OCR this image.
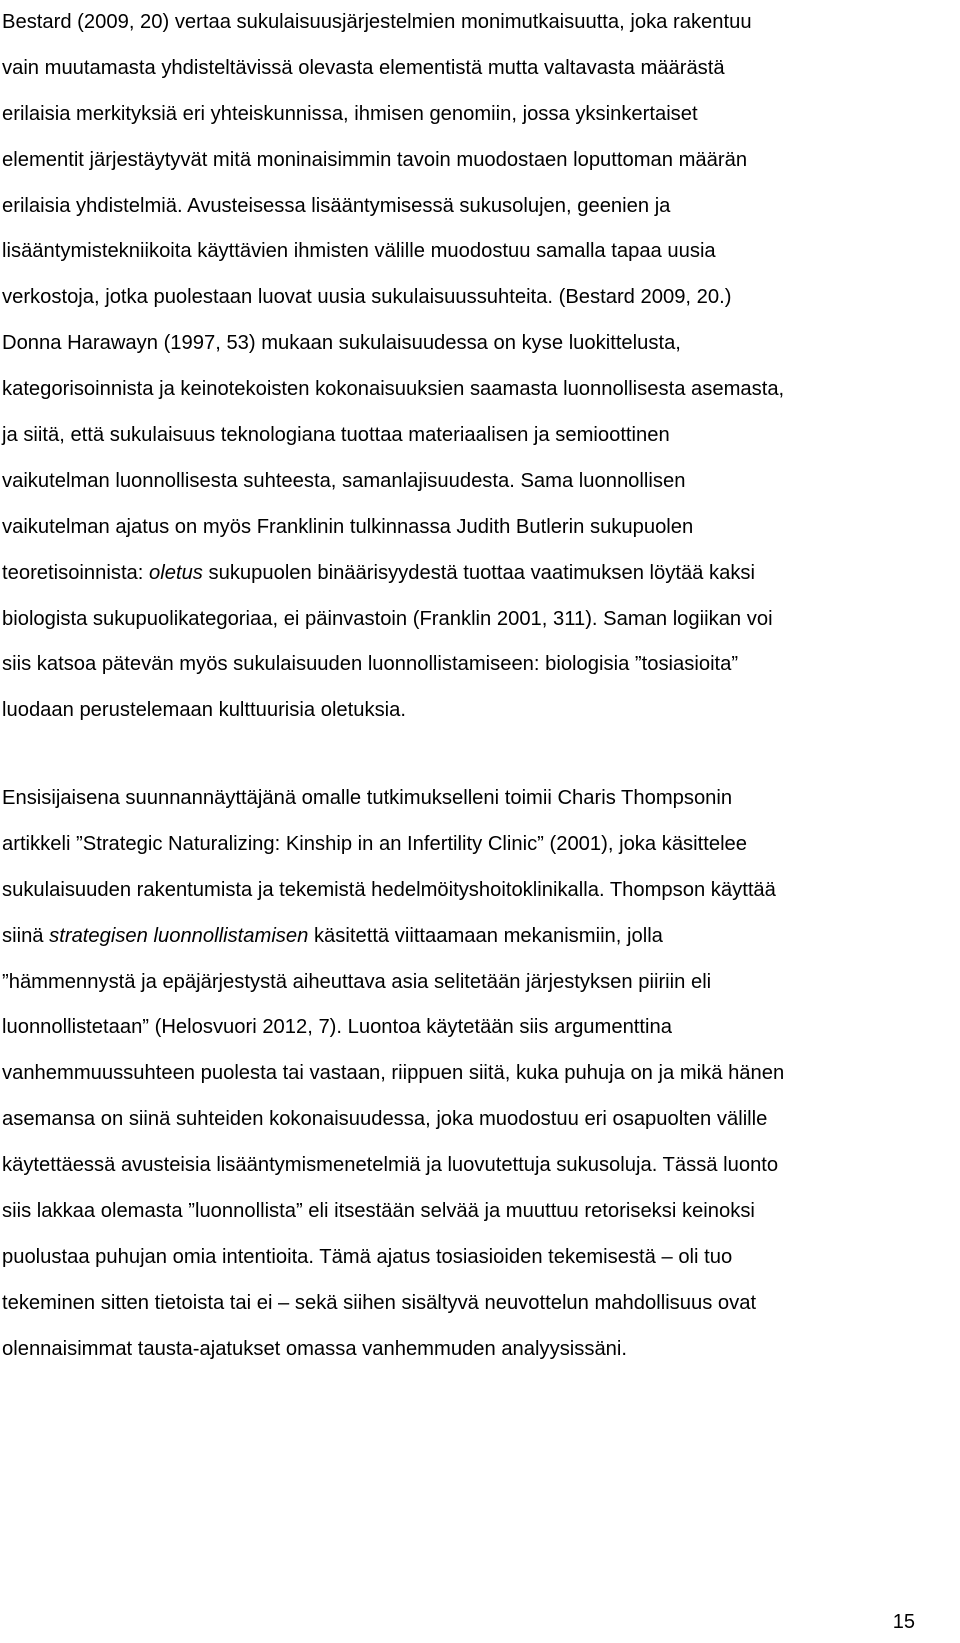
Bestard (2009, 20) vertaa sukulaisuusjärjestelmien monimutkaisuutta, joka rakentuu
vain muutamasta yhdisteltävissä olevasta elementistä mutta valtavasta määrästä
erilaisia merkityksiä eri yhteiskunnissa, ihmisen genomiin, jossa yksinkertaiset
elementit järjestäytyvät mitä moninaisimmin tavoin muodostaen loputtoman määrän
erilaisia yhdistelmiä. Avusteisessa lisääntymisessä sukusolujen, geenien ja
lisääntymistekniikoita käyttävien ihmisten välille muodostuu samalla tapaa uusia
verkostoja, jotka puolestaan luovat uusia sukulaisuussuhteita. (Bestard 2009, 20.)
Donna Harawayn (1997, 53) mukaan sukulaisuudessa on kyse luokittelusta,
kategorisoinnista ja keinotekoisten kokonaisuuksien saamasta luonnollisesta asemasta,
ja siitä, että sukulaisuus teknologiana tuottaa materiaalisen ja semioottinen
vaikutelman luonnollisesta suhteesta, samanlajisuudesta. Sama luonnollisen
vaikutelman ajatus on myös Franklinin tulkinnassa Judith Butlerin sukupuolen
teoretisoinnista: oletus sukupuolen binäärisyydestä tuottaa vaatimuksen löytää kaksi
biologista sukupuolikategoriaa, ei päinvastoin (Franklin 2001, 311). Saman logiikan voi
siis katsoa pätevän myös sukulaisuuden luonnollistamiseen: biologisia ”tosiasioita”
luodaan perustelemaan kulttuurisia oletuksia.
Ensisijaisena suunnannäyttäjänä omalle tutkimukselleni toimii Charis Thompsonin
artikkeli ”Strategic Naturalizing: Kinship in an Infertility Clinic” (2001), joka käsittelee
sukulaisuuden rakentumista ja tekemistä hedelmöityshoitoklinikalla. Thompson käyttää
siinä strategisen luonnollistamisen käsitettä viittaamaan mekanismiin, jolla
”hämmennystä ja epäjärjestystä aiheuttava asia selitetään järjestyksen piiriin eli
luonnollistetaan” (Helosvuori 2012, 7). Luontoa käytetään siis argumenttina
vanhemmuussuhteen puolesta tai vastaan, riippuen siitä, kuka puhuja on ja mikä hänen
asemansa on siinä suhteiden kokonaisuudessa, joka muodostuu eri osapuolten välille
käytettäessä avusteisia lisääntymismenetelmiä ja luovutettuja sukusoluja. Tässä luonto
siis lakkaa olemasta ”luonnollista” eli itsestään selvää ja muuttuu retoriseksi keinoksi
puolustaa puhujan omia intentioita. Tämä ajatus tosiasioiden tekemisestä – oli tuo
tekeminen sitten tietoista tai ei – sekä siihen sisältyvä neuvottelun mahdollisuus ovat
olennaisimmat tausta-ajatukset omassa vanhemmuden analyysissäni.
15
